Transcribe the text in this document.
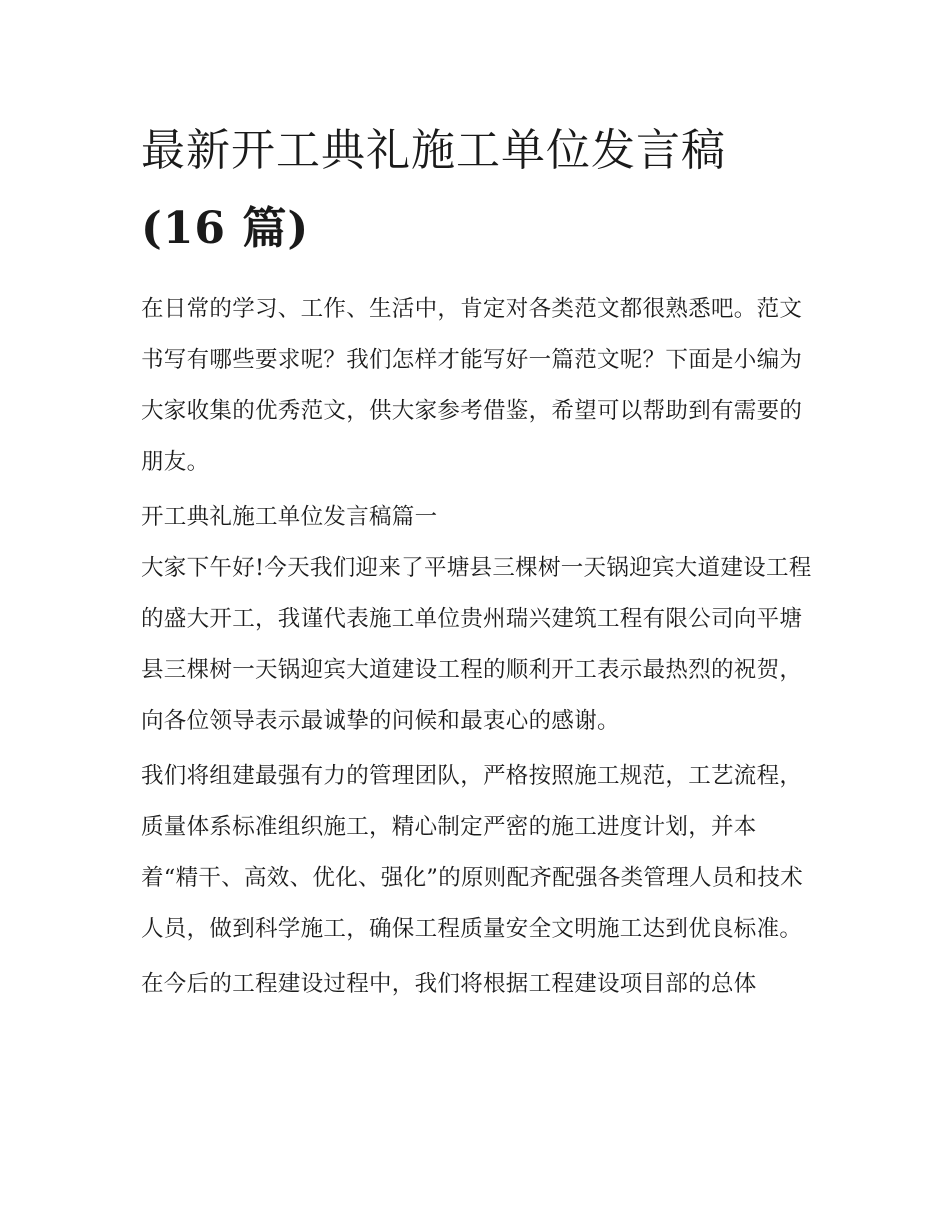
最新开工典礼施工单位发言稿
(16 篇)

在日常的学习、工作、生活中，肯定对各类范文都很熟悉吧。范文书写有哪些要求呢？我们怎样才能写好一篇范文呢？下面是小编为大家收集的优秀范文，供大家参考借鉴，希望可以帮助到有需要的朋友。

开工典礼施工单位发言稿篇一

大家下午好!今天我们迎来了平塘县三棵树一天锅迎宾大道建设工程的盛大开工，我谨代表施工单位贵州瑞兴建筑工程有限公司向平塘县三棵树一天锅迎宾大道建设工程的顺利开工表示最热烈的祝贺，向各位领导表示最诚挚的问候和最衷心的感谢。

我们将组建最强有力的管理团队，严格按照施工规范，工艺流程，质量体系标准组织施工，精心制定严密的施工进度计划，并本着“精干、高效、优化、强化”的原则配齐配强各类管理人员和技术人员，做到科学施工，确保工程质量安全文明施工达到优良标准。

在今后的工程建设过程中，我们将根据工程建设项目部的总体
